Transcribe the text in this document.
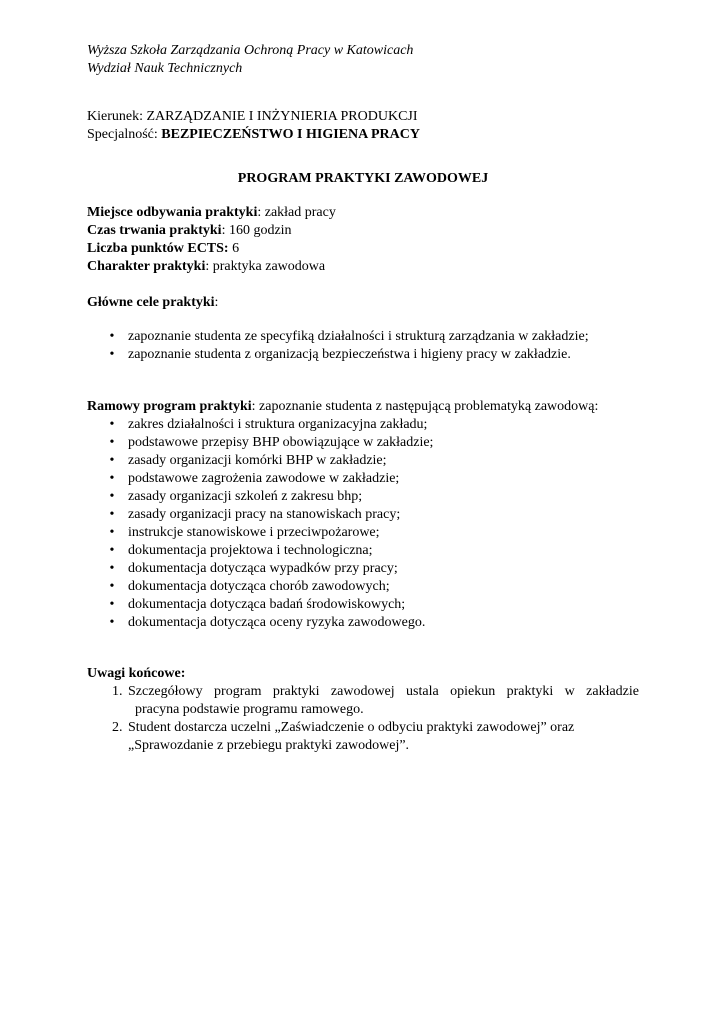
Wyższa Szkoła Zarządzania Ochroną Pracy w Katowicach

Wydział Nauk Technicznych

Kierunek: ZARZĄDZANIE I INŻYNIERIA PRODUKCJI

Specjalność: BEZPIECZEŃSTWO I HIGIENA PRACY

PROGRAM PRAKTYKI ZAWODOWEJ

Miejsce odbywania praktyki: zakład pracy

Czas trwania praktyki: 160 godzin

Liczba punktów ECTS: 6

Charakter praktyki: praktyka zawodowa

Główne cele praktyki:

• zapoznanie studenta ze specyfiką działalności i strukturą zarządzania w zakładzie;
• zapoznanie studenta z organizacją bezpieczeństwa i higieny pracy w zakładzie.

Ramowy program praktyki: zapoznanie studenta z następującą problematyką zawodową:

• zakres działalności i struktura organizacyjna zakładu;
• podstawowe przepisy BHP obowiązujące w zakładzie;
• zasady organizacji komórki BHP w zakładzie;
• podstawowe zagrożenia zawodowe w zakładzie;
• zasady organizacji szkoleń z zakresu bhp;
• zasady organizacji pracy na stanowiskach pracy;
• instrukcje stanowiskowe i przeciwpożarowe;
• dokumentacja projektowa i technologiczna;
• dokumentacja dotycząca wypadków przy pracy;
• dokumentacja dotycząca chorób zawodowych;
• dokumentacja dotycząca badań środowiskowych;
• dokumentacja dotycząca oceny ryzyka zawodowego.

Uwagi końcowe:

1. Szczegółowy program praktyki zawodowej ustala opiekun praktyki w zakładzie
pracyna podstawie programu ramowego.
2. Student dostarcza uczelni „Zaświadczenie o odbyciu praktyki zawodowej” oraz
„Sprawozdanie z przebiegu praktyki zawodowej”.
